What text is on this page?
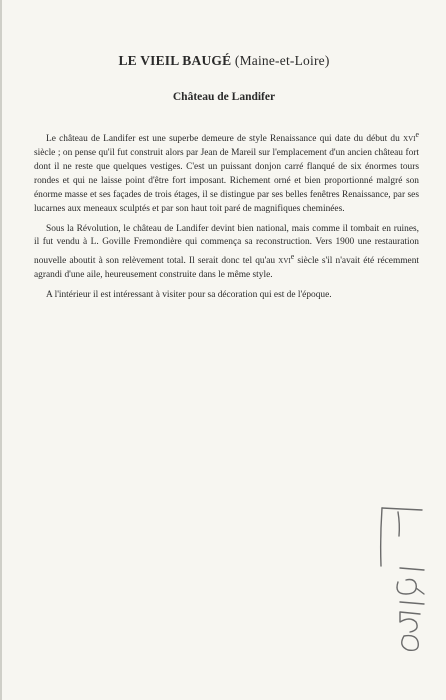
LE VIEIL BAUGÉ (Maine-et-Loire)
Château de Landifer

Le château de Landifer est une superbe demeure de style Renaissance qui date du début du xvi$^e$ siècle ; on pense qu'il fut construit alors par Jean de Mareil sur l'emplacement d'un ancien château fort dont il ne reste que quelques vestiges. C'est un puissant donjon carré flanqué de six énormes tours rondes et qui ne laisse point d'être fort imposant. Richement orné et bien proportionné malgré son énorme masse et ses façades de trois étages, il se distingue par ses belles fenêtres Renaissance, par ses lucarnes aux meneaux sculptés et par son haut toit paré de magnifiques cheminées.

Sous la Révolution, le château de Landifer devint bien national, mais comme il tombait en ruines, il fut vendu à L. Goville Fremondière qui commença sa reconstruction. Vers 1900 une restauration nouvelle aboutit à son relèvement total. Il serait donc tel qu'au xvi$^e$ siècle s'il n'avait été récemment agrandi d'une aile, heureusement construite dans le même style.

A l'intérieur il est intéressant à visiter pour sa décoration qui est de l'époque.
